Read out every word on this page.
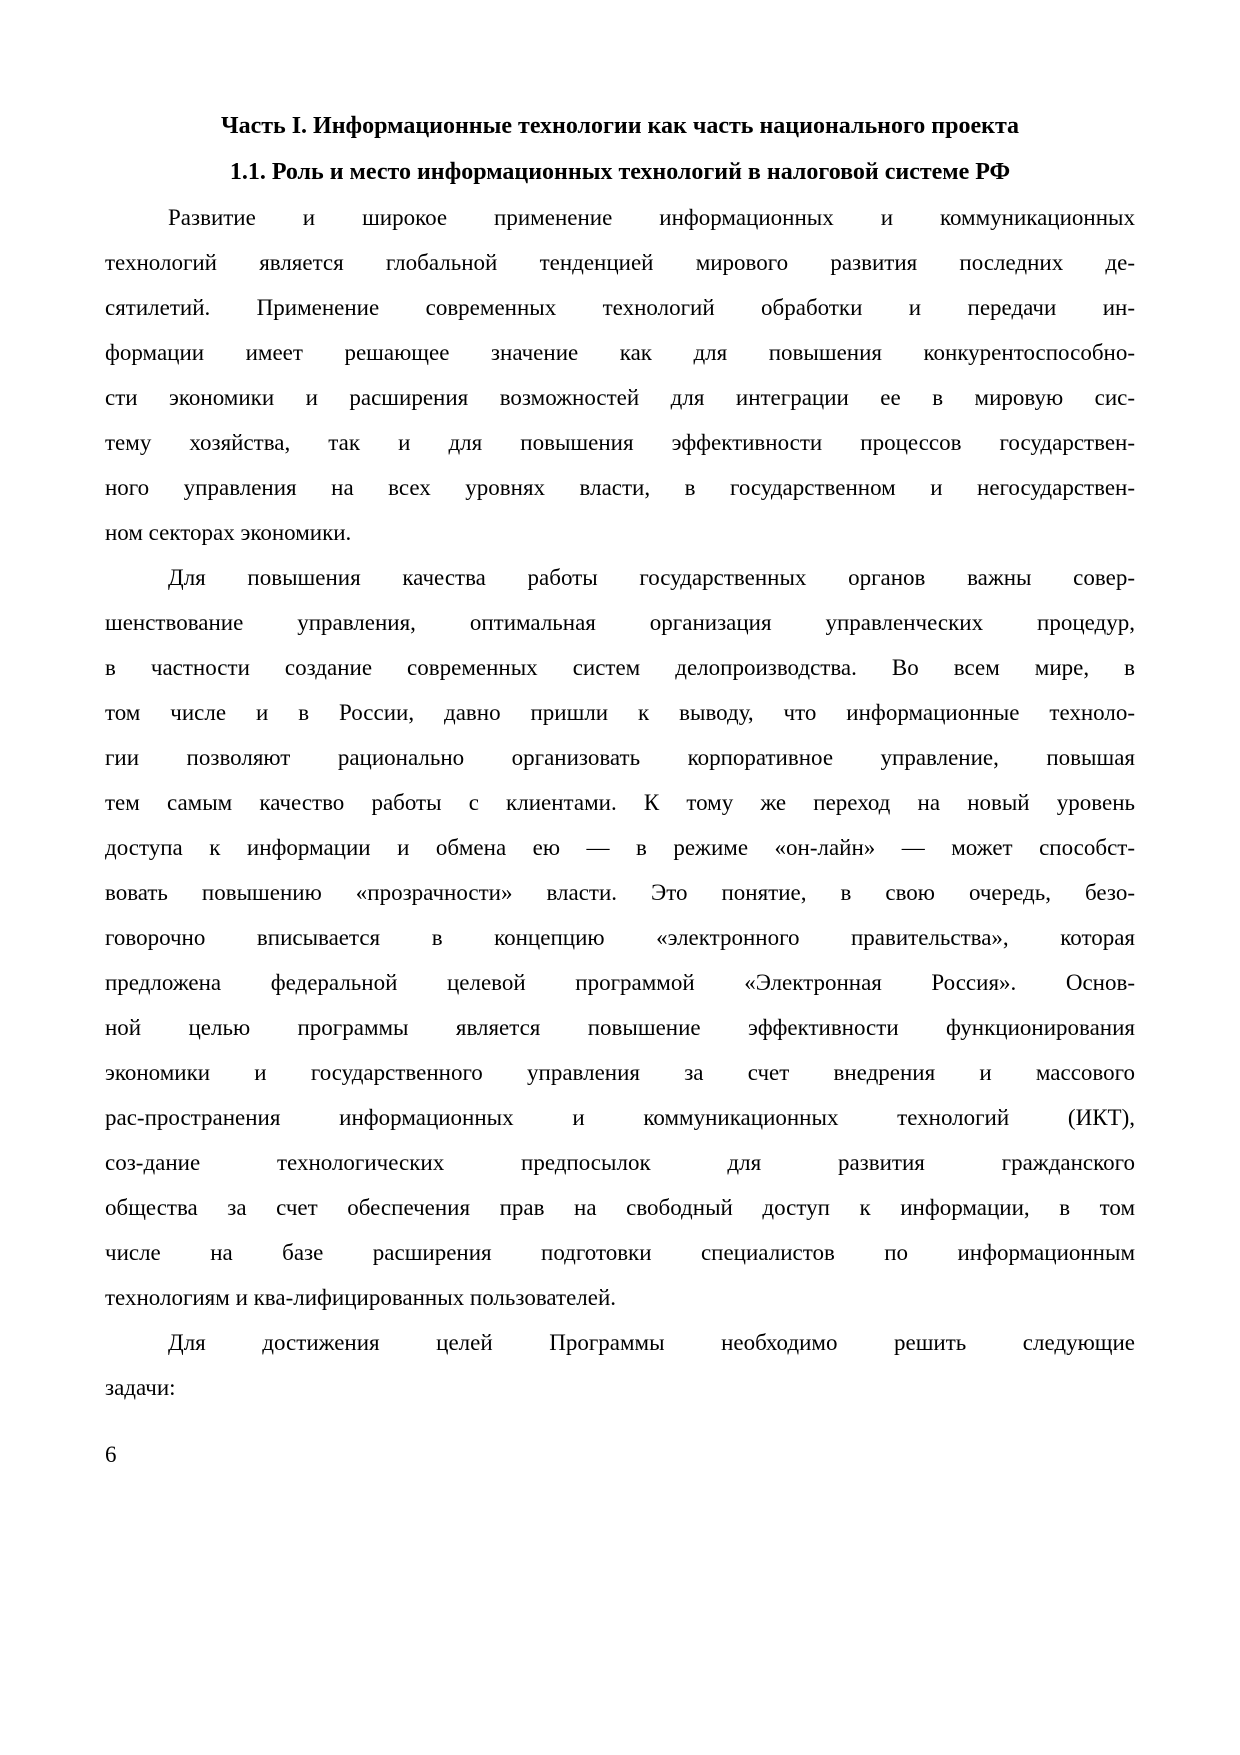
Часть I. Информационные технологии как часть национального проекта
1.1. Роль и место информационных технологий в налоговой системе РФ
Развитие и широкое применение информационных и коммуникационных
технологий является глобальной тенденцией мирового развития последних де-
сятилетий. Применение современных технологий обработки и передачи ин-
формации имеет решающее значение как для повышения конкурентоспособно-
сти экономики и расширения возможностей для интеграции ее в мировую сис-
тему хозяйства, так и для повышения эффективности процессов государствен-
ного управления на всех уровнях власти, в государственном и негосударствен-
ном секторах экономики.
Для повышения качества работы государственных органов важны совер-
шенствование управления, оптимальная организация управленческих процедур,
в частности создание современных систем делопроизводства. Во всем мире, в
том числе и в России, давно пришли к выводу, что информационные техноло-
гии позволяют рационально организовать корпоративное управление, повышая
тем самым качество работы с клиентами. К тому же переход на новый уровень
доступа к информации и обмена ею — в режиме «он-лайн» — может способст-
вовать повышению «прозрачности» власти. Это понятие, в свою очередь, безо-
говорочно вписывается в концепцию «электронного правительства», которая
предложена федеральной целевой программой «Электронная Россия». Основ-
ной целью программы является повышение эффективности функционирования
экономики и государственного управления за счет внедрения и массового
рас-пространения информационных и коммуникационных технологий (ИКТ),
соз-дание технологических предпосылок для развития гражданского
общества за счет обеспечения прав на свободный доступ к информации, в том
числе на базе расширения подготовки специалистов по информационным
технологиям и ква-лифицированных пользователей.
Для достижения целей Программы необходимо решить следующие
задачи:
6
